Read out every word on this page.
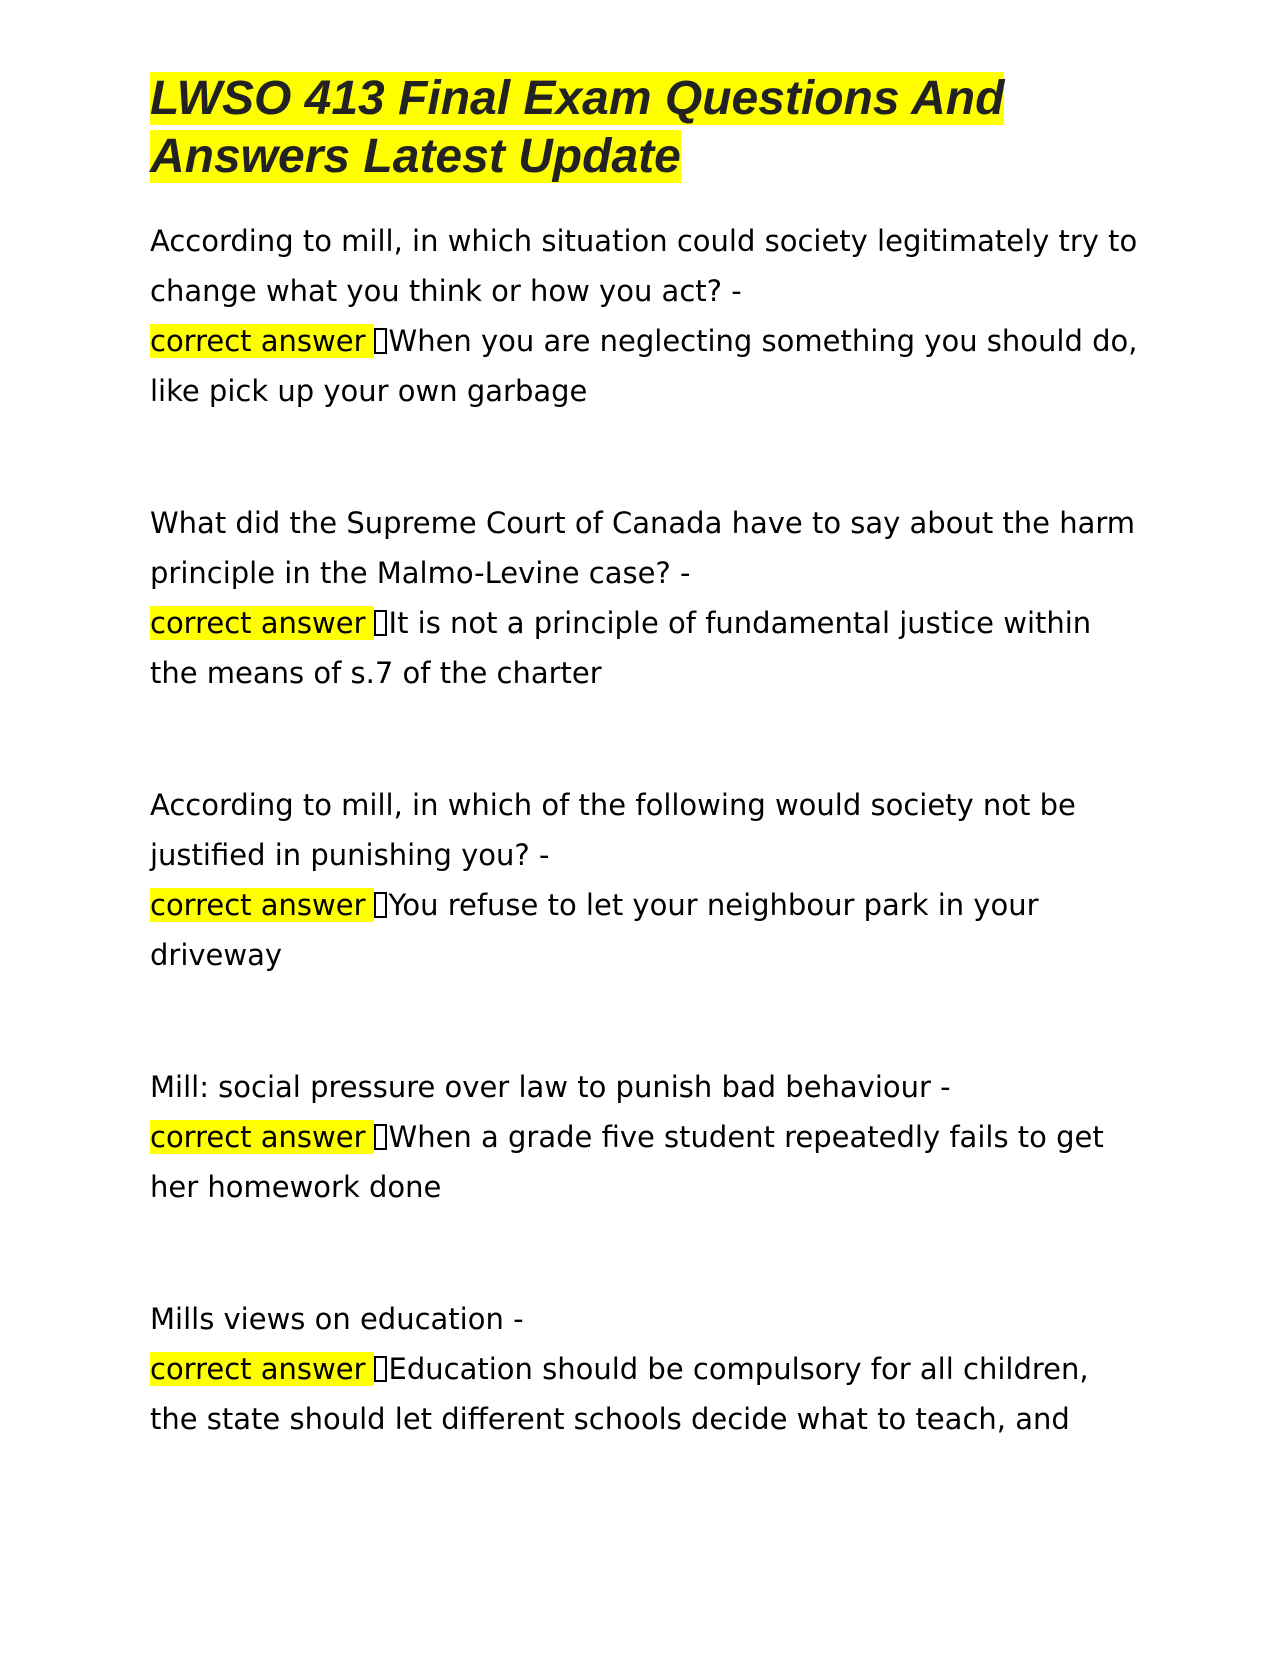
LWSO 413 Final Exam Questions And
Answers Latest Update
According to mill, in which situation could society legitimately try to change what you think or how you act? -
correct answer When you are neglecting something you should do, like pick up your own garbage
What did the Supreme Court of Canada have to say about the harm principle in the Malmo-Levine case? -
correct answer It is not a principle of fundamental justice within the means of s.7 of the charter
According to mill, in which of the following would society not be justified in punishing you? -
correct answer You refuse to let your neighbour park in your driveway
Mill: social pressure over law to punish bad behaviour -
correct answer When a grade five student repeatedly fails to get her homework done
Mills views on education -
correct answer Education should be compulsory for all children, the state should let different schools decide what to teach, and
